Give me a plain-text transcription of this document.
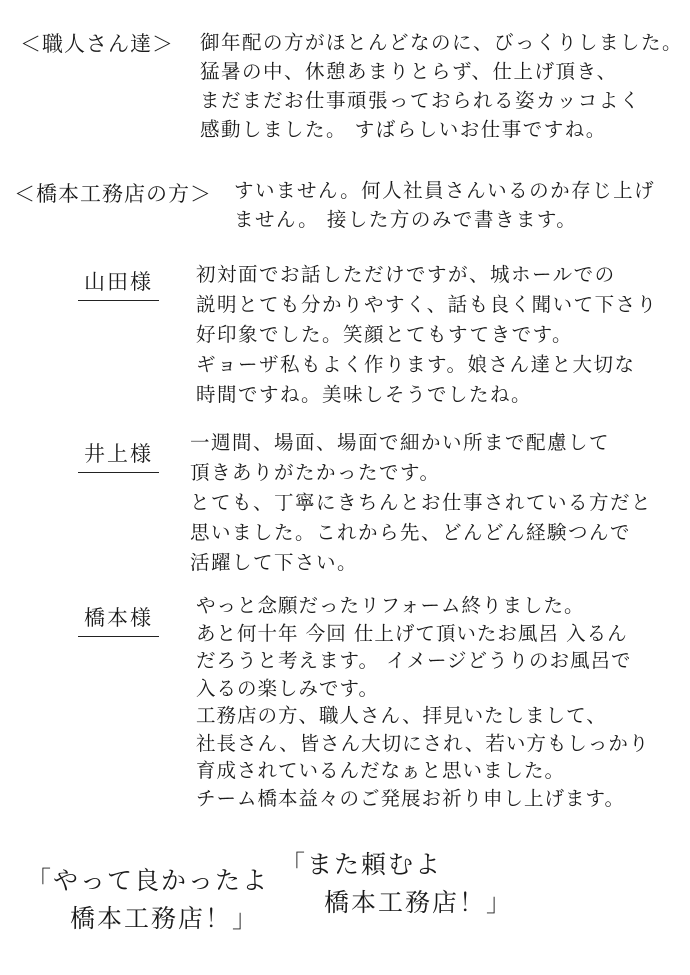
＜職人さん達＞ 御年配の方がほとんどなのに、びっくりしました。
猛暑の中、休憩あまりとらず、仕上げ頂き、
まだまだお仕事頑張っておられる姿カッコよく
感動しました。 すばらしいお仕事ですね。
＜橋本工務店の方＞ すいません。何人社員さんいるのか存じ上げ
ません。 接した方のみで書きます。
山田様	初対面でお話しただけですが、城ホールでの
説明とても分かりやすく、話も良く聞いて下さり
好印象でした。笑顔とてもすてきです。
ギョーザ私もよく作ります。娘さん達と大切な
時間ですね。美味しそうでしたね。
井上様	一週間、場面、場面で細かい所まで配慮して
頂きありがたかったです。
とても、丁寧にきちんとお仕事されている方だと
思いました。これから先、どんどん経験つんで
活躍して下さい。
橋本様
やっと念願だったリフォーム終りました。
あと何十年 今回 仕上げて頂いたお風呂 入るん
だろうと考えます。 イメージどうりのお風呂で
入るの楽しみです。
工務店の方、職人さん、拝見いたしまして、
社長さん、皆さん大切にされ、若い方もしっかり
育成されているんだなぁと思いました。
チーム橋本益々のご発展お祈り申し上げます。
「やって良かったよ
橋本工務店！」
「また頼むよ
橋本工務店！」
